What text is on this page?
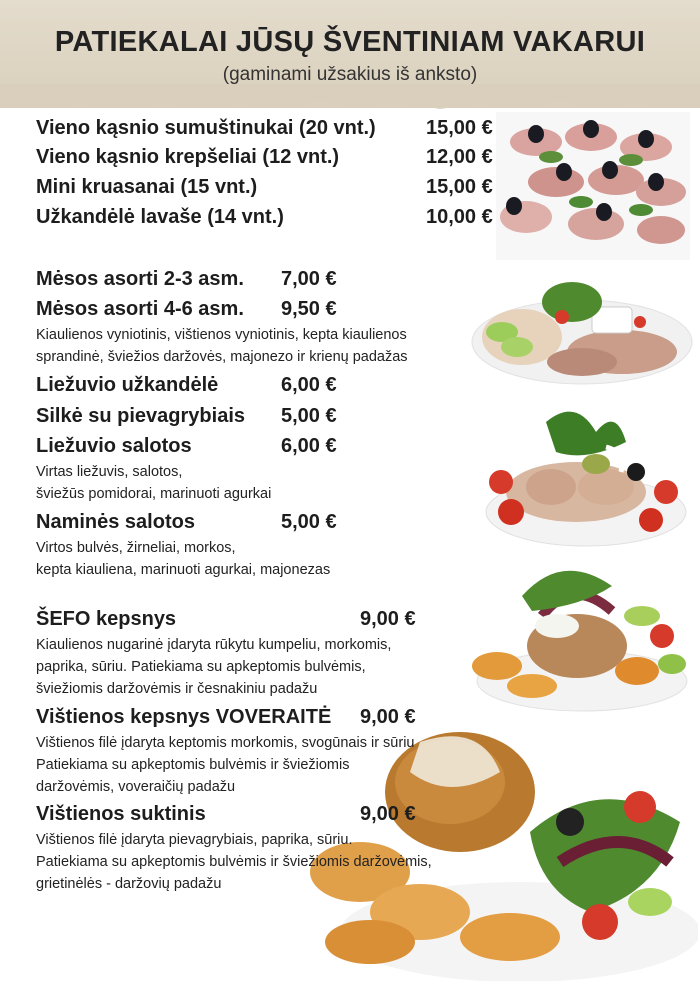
PATIEKALAI JŪSŲ ŠVENTINIAM VAKARUI
(gaminami užsakius iš anksto)
Vieno kąsnio sumuštinukai (20 vnt.)	15,00 €
Vieno kąsnio krepšeliai (12 vnt.)	12,00 €
Mini kruasanai (15 vnt.)	15,00 €
Užkandėlė lavaše (14 vnt.)	10,00 €
Mėsos asorti 2-3 asm. 7,00 €
Mėsos asorti 4-6 asm. 9,50 €
Kiaulienos vyniotinis, vištienos vyniotinis, kepta kiaulienos
sprandinė, šviežios daržovės, majonezo ir krienų padažas
Liežuvio užkandėlė	6,00 €
Silkė su pievagrybiais 5,00 €
Liežuvio salotos	6,00 €
Virtas liežuvis, salotos,
šviežūs pomidorai, marinuoti agurkai
Naminės salotos	5,00 €
Virtos bulvės, žirneliai, morkos,
kepta kiauliena, marinuoti agurkai, majonezas
ŠEFO kepsnys	9,00 €
Kiaulienos nugarinė įdaryta rūkytu kumpeliu, morkomis,
paprika, sūriu. Patiekiama su apkeptomis bulvėmis,
šviežiomis daržovėmis ir česnakiniu padažu
Vištienos kepsnys VOVERAITĖ 9,00 €
Vištienos filė įdaryta keptomis morkomis, svogūnais ir sūriu
Patiekiama su apkeptomis bulvėmis ir šviežiomis
daržovėmis, voveraičių padažu
Vištienos suktinis	9,00 €
Vištienos filė įdaryta pievagrybiais, paprika, sūriu.
Patiekiama su apkeptomis bulvėmis ir šviežiomis daržovėmis,
grietinėlės - daržovių padažu
